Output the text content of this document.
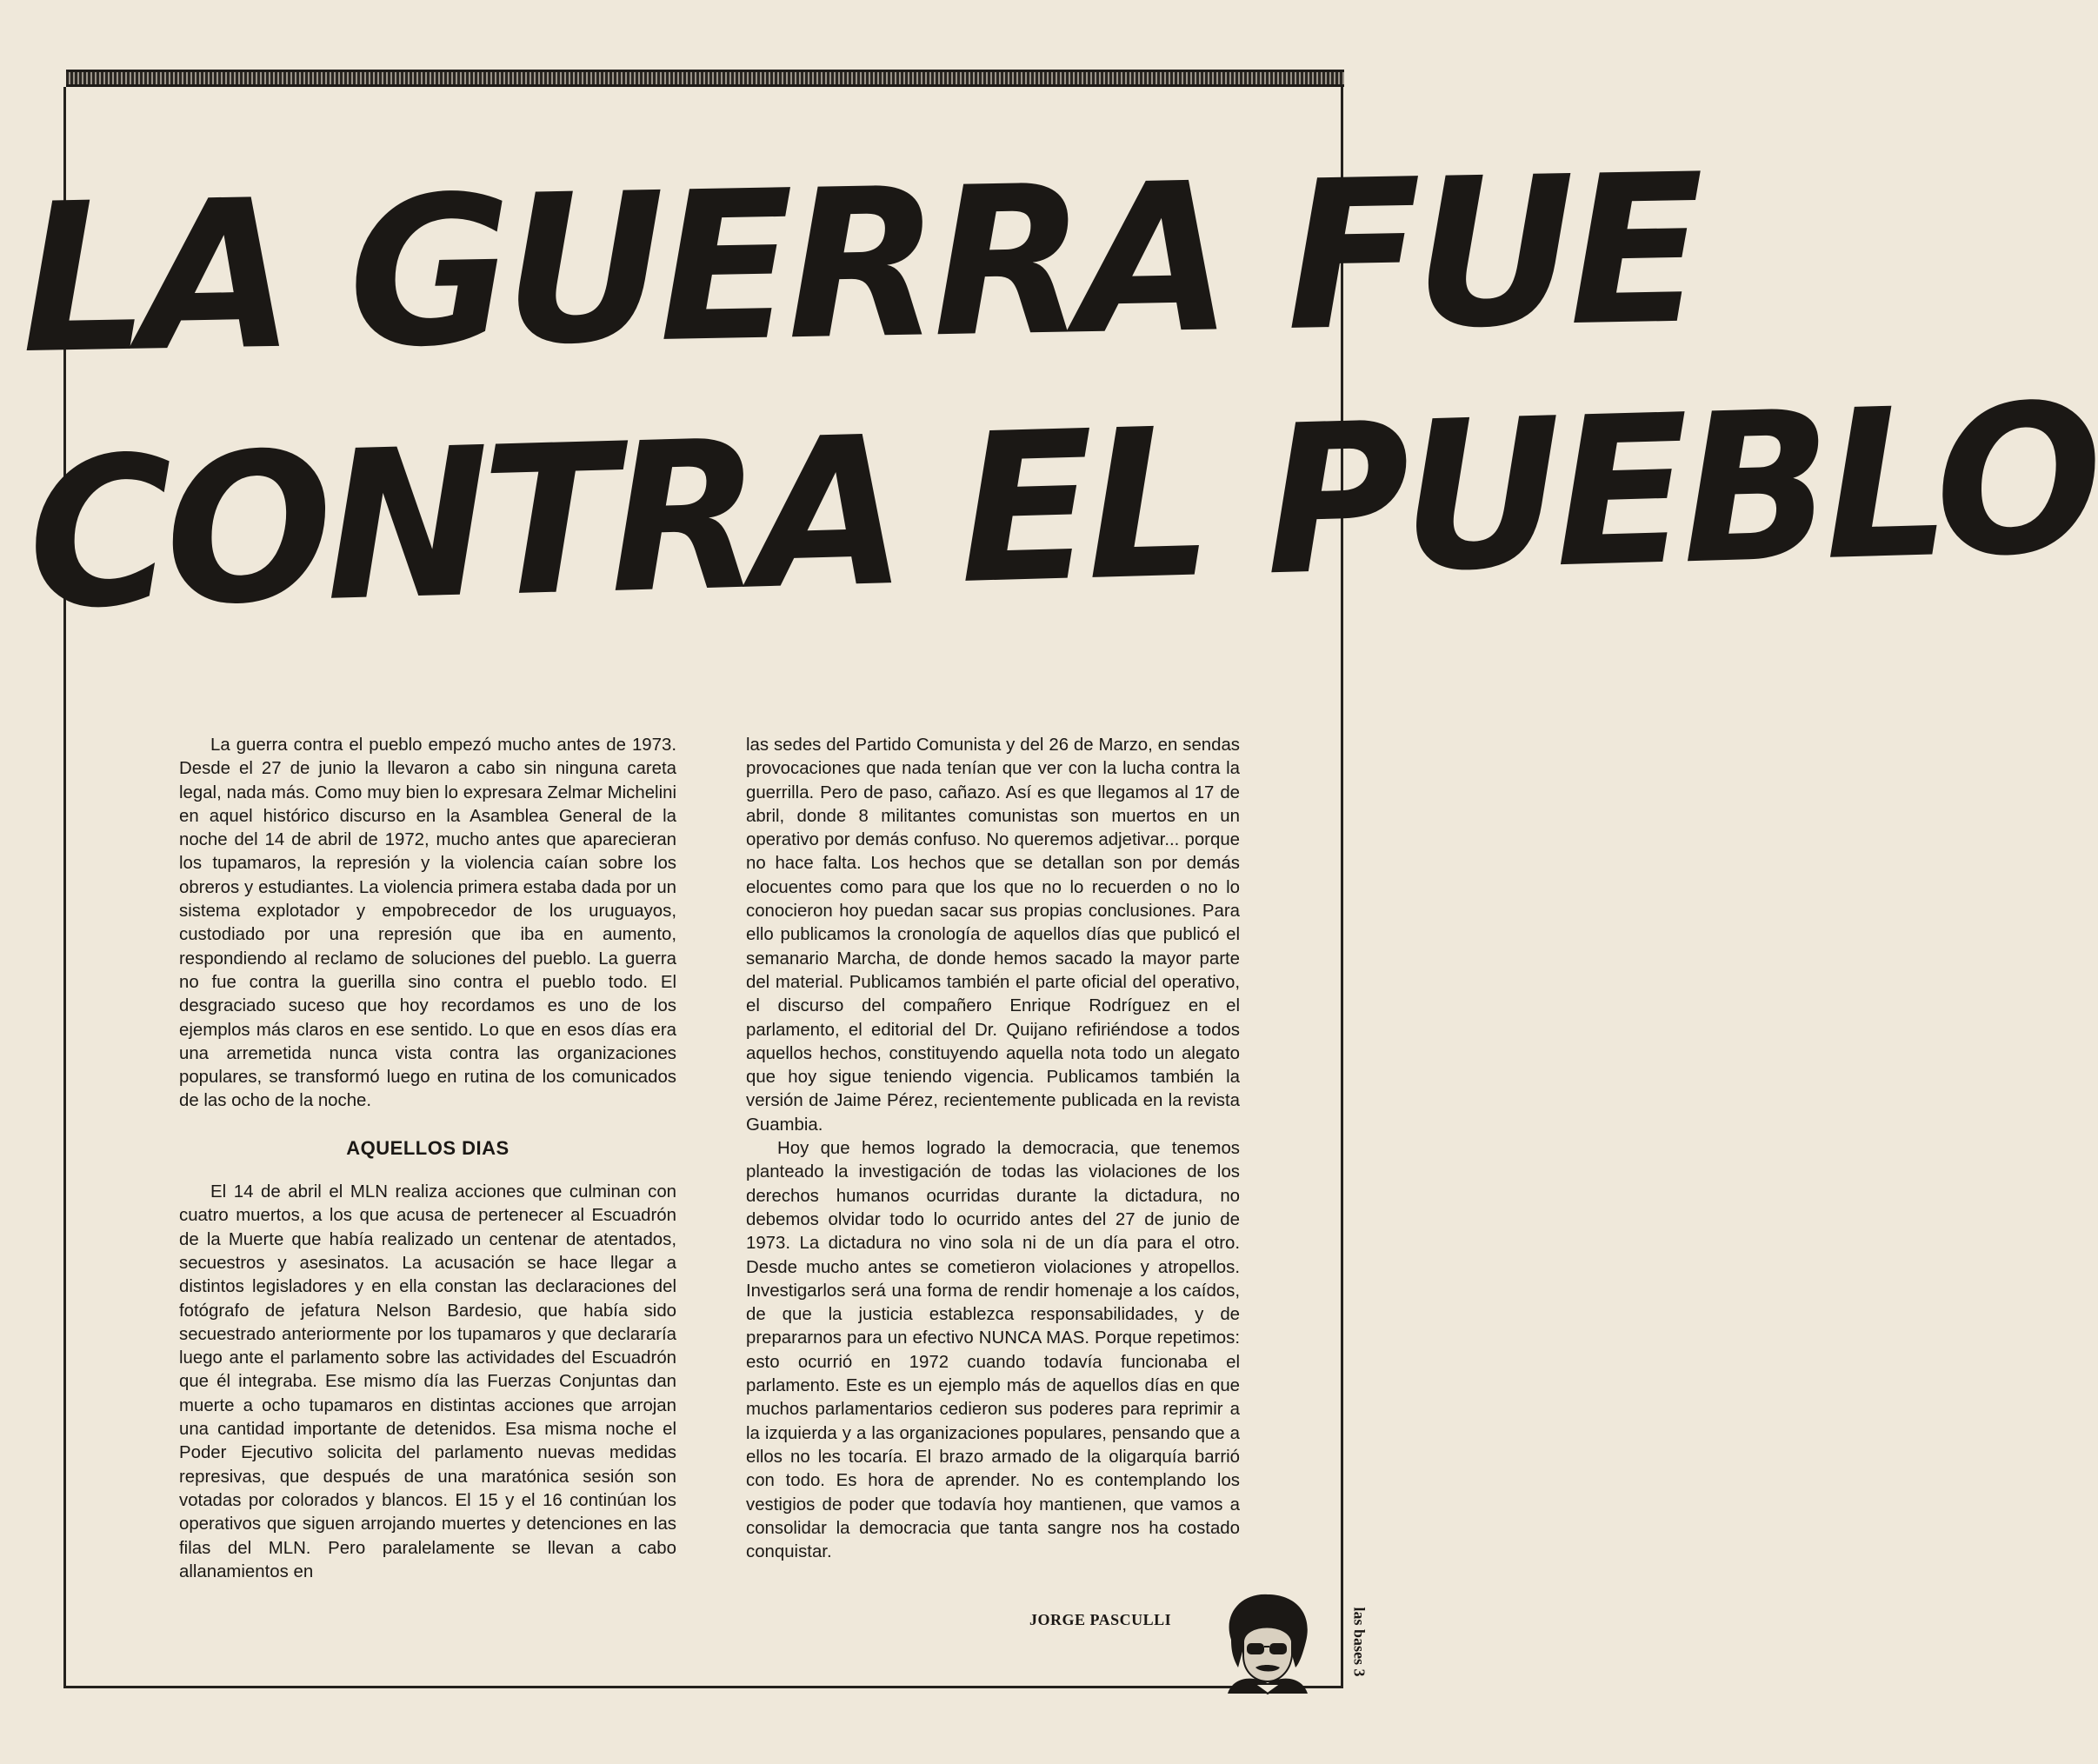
LA GUERRA FUE
CONTRA EL PUEBLO

La guerra contra el pueblo empezó mucho antes de 1973. Desde el 27 de junio la llevaron a cabo sin ninguna careta legal, nada más. Como muy bien lo expresara Zelmar Michelini en aquel histórico discurso en la Asamblea General de la noche del 14 de abril de 1972, mucho antes que aparecieran los tupamaros, la represión y la violencia caían sobre los obreros y estudiantes. La violencia primera estaba dada por un sistema explotador y empobrecedor de los uruguayos, custodiado por una represión que iba en aumento, respondiendo al reclamo de soluciones del pueblo. La guerra no fue contra la guerilla sino contra el pueblo todo. El desgraciado suceso que hoy recordamos es uno de los ejemplos más claros en ese sentido. Lo que en esos días era una arremetida nunca vista contra las organizaciones populares, se transformó luego en rutina de los comunicados de las ocho de la noche.

AQUELLOS DIAS

El 14 de abril el MLN realiza acciones que culminan con cuatro muertos, a los que acusa de pertenecer al Escuadrón de la Muerte que había realizado un centenar de atentados, secuestros y asesinatos. La acusación se hace llegar a distintos legisladores y en ella constan las declaraciones del fotógrafo de jefatura Nelson Bardesio, que había sido secuestrado anteriormente por los tupamaros y que declararía luego ante el parlamento sobre las actividades del Escuadrón que él integraba. Ese mismo día las Fuerzas Conjuntas dan muerte a ocho tupamaros en distintas acciones que arrojan una cantidad importante de detenidos. Esa misma noche el Poder Ejecutivo solicita del parlamento nuevas medidas represivas, que después de una maratónica sesión son votadas por colorados y blancos. El 15 y el 16 continúan los operativos que siguen arrojando muertes y detenciones en las filas del MLN. Pero paralelamente se llevan a cabo allanamientos en

las sedes del Partido Comunista y del 26 de Marzo, en sendas provocaciones que nada tenían que ver con la lucha contra la guerrilla. Pero de paso, cañazo. Así es que llegamos al 17 de abril, donde 8 militantes comunistas son muertos en un operativo por demás confuso. No queremos adjetivar... porque no hace falta. Los hechos que se detallan son por demás elocuentes como para que los que no lo recuerden o no lo conocieron hoy puedan sacar sus propias conclusiones. Para ello publicamos la cronología de aquellos días que publicó el semanario Marcha, de donde hemos sacado la mayor parte del material. Publicamos también el parte oficial del operativo, el discurso del compañero Enrique Rodríguez en el parlamento, el editorial del Dr. Quijano refiriéndose a todos aquellos hechos, constituyendo aquella nota todo un alegato que hoy sigue teniendo vigencia. Publicamos también la versión de Jaime Pérez, recientemente publicada en la revista Guambia.

Hoy que hemos logrado la democracia, que tenemos planteado la investigación de todas las violaciones de los derechos humanos ocurridas durante la dictadura, no debemos olvidar todo lo ocurrido antes del 27 de junio de 1973. La dictadura no vino sola ni de un día para el otro. Desde mucho antes se cometieron violaciones y atropellos. Investigarlos será una forma de rendir homenaje a los caídos, de que la justicia establezca responsabilidades, y de prepararnos para un efectivo NUNCA MAS. Porque repetimos: esto ocurrió en 1972 cuando todavía funcionaba el parlamento. Este es un ejemplo más de aquellos días en que muchos parlamentarios cedieron sus poderes para reprimir a la izquierda y a las organizaciones populares, pensando que a ellos no les tocaría. El brazo armado de la oligarquía barrió con todo. Es hora de aprender. No es contemplando los vestigios de poder que todavía hoy mantienen, que vamos a consolidar la democracia que tanta sangre nos ha costado conquistar.

JORGE PASCULLI	las bases 3
